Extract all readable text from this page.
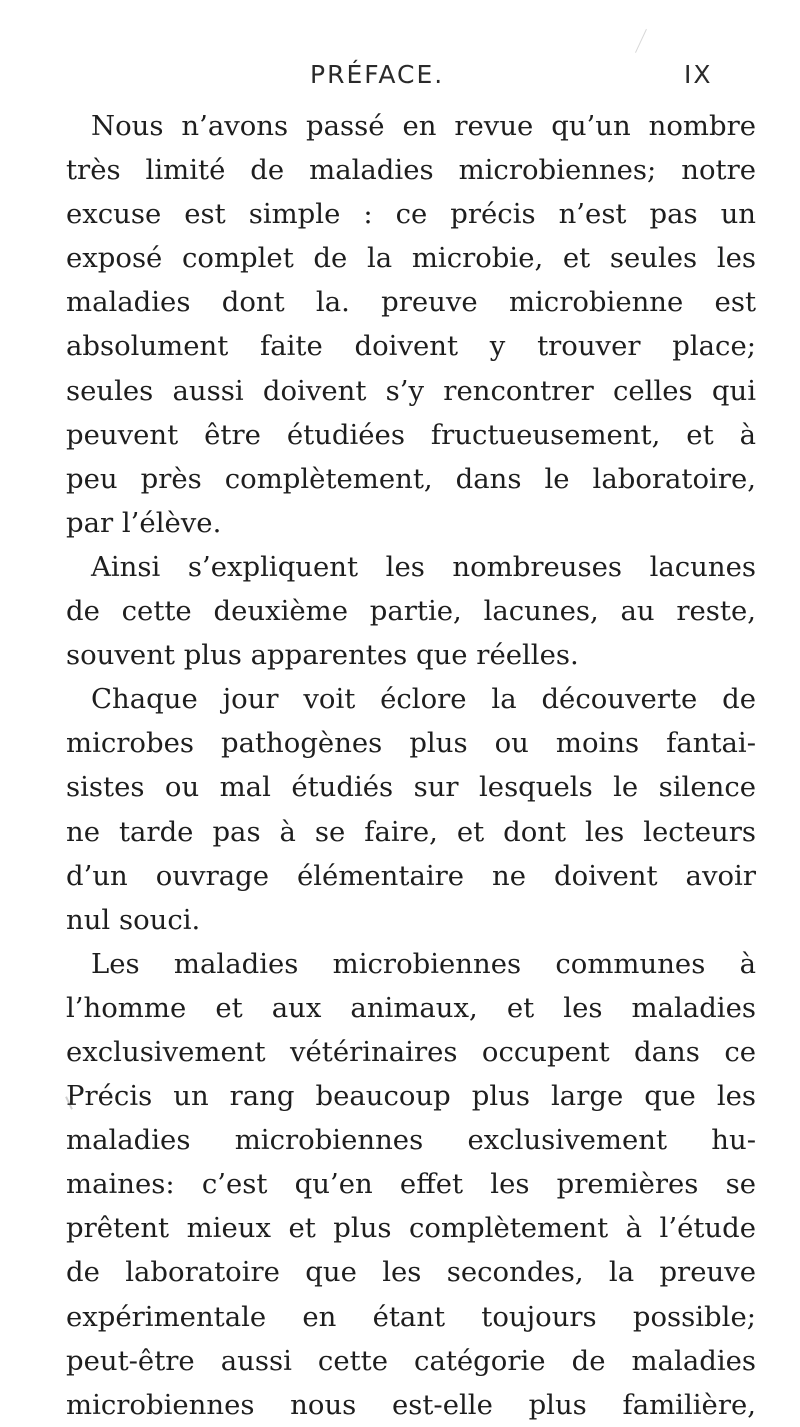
PRÉFACE.	IX
Nous n’avons passé en revue qu’un nombre
très limité de maladies microbiennes; notre
excuse est simple : ce précis n’est pas un
exposé complet de la microbie, et seules les
maladies dont la. preuve microbienne est
absolument faite doivent y trouver place;
seules aussi doivent s’y rencontrer celles qui
peuvent être étudiées fructueusement, et à
peu près complètement, dans le laboratoire,
par l’élève.
Ainsi s’expliquent les nombreuses lacunes
de cette deuxième partie, lacunes, au reste,
souvent plus apparentes que réelles.
Chaque jour voit éclore la découverte de
microbes pathogènes plus ou moins fantai-
sistes ou mal étudiés sur lesquels le silence
ne tarde pas à se faire, et dont les lecteurs
d’un ouvrage élémentaire ne doivent avoir
nul souci.
Les maladies microbiennes communes à
l’homme et aux animaux, et les maladies
exclusivement vétérinaires occupent dans ce
Précis un rang beaucoup plus large que les
maladies microbiennes exclusivement hu-
maines: c’est qu’en effet les premières se
prêtent mieux et plus complètement à l’étude
de laboratoire que les secondes, la preuve
expérimentale en étant toujours possible;
peut-être aussi cette catégorie de maladies
microbiennes nous est-elle plus familière,
